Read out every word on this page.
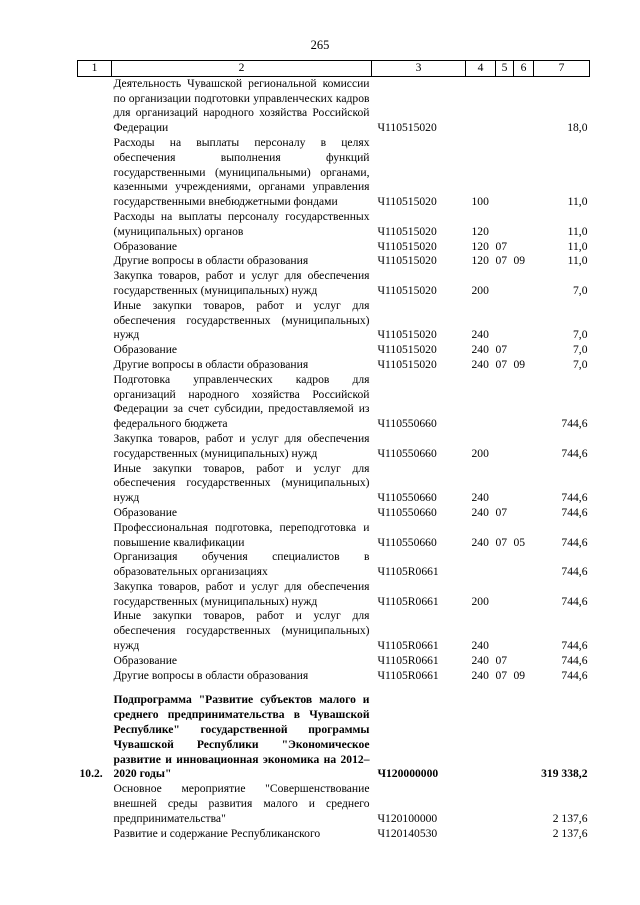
265
1	2	3	4	5	6	7
	Деятельность Чувашской региональной комиссии по организации подготовки управленческих кадров для организаций народного хозяйства Российской Федерации	Ч110515020				18,0
	Расходы на выплаты персоналу в целях обеспечения выполнения функций государственными (муниципальными) органами, казенными учреждениями, органами управления государственными внебюджетными фондами	Ч110515020	100			11,0
	Расходы на выплаты персоналу государственных (муниципальных) органов	Ч110515020	120			11,0
	Образование	Ч110515020	120	07		11,0
	Другие вопросы в области образования	Ч110515020	120	07	09	11,0
	Закупка товаров, работ и услуг для обеспечения государственных (муниципальных) нужд	Ч110515020	200			7,0
	Иные закупки товаров, работ и услуг для обеспечения государственных (муниципальных) нужд	Ч110515020	240			7,0
	Образование	Ч110515020	240	07		7,0
	Другие вопросы в области образования	Ч110515020	240	07	09	7,0
	Подготовка управленческих кадров для организаций народного хозяйства Российской Федерации за счет субсидии, предоставляемой из федерального бюджета	Ч110550660				744,6
	Закупка товаров, работ и услуг для обеспечения государственных (муниципальных) нужд	Ч110550660	200			744,6
	Иные закупки товаров, работ и услуг для обеспечения государственных (муниципальных) нужд	Ч110550660	240			744,6
	Образование	Ч110550660	240	07		744,6
	Профессиональная подготовка, переподготовка и повышение квалификации	Ч110550660	240	07	05	744,6
	Организация обучения специалистов в образовательных организациях	Ч1105R0661				744,6
	Закупка товаров, работ и услуг для обеспечения государственных (муниципальных) нужд	Ч1105R0661	200			744,6
	Иные закупки товаров, работ и услуг для обеспечения государственных (муниципальных) нужд	Ч1105R0661	240			744,6
	Образование	Ч1105R0661	240	07		744,6
	Другие вопросы в области образования	Ч1105R0661	240	07	09	744,6

10.2.	Подпрограмма "Развитие субъектов малого и среднего предпринимательства в Чувашской Республике" государственной программы Чувашской Республики "Экономическое развитие и инновационная экономика на 2012–2020 годы"	Ч120000000				319 338,2
	Основное мероприятие "Совершенствование внешней среды развития малого и среднего предпринимательства"	Ч120100000				2 137,6
	Развитие и содержание Республиканского	Ч120140530				2 137,6
